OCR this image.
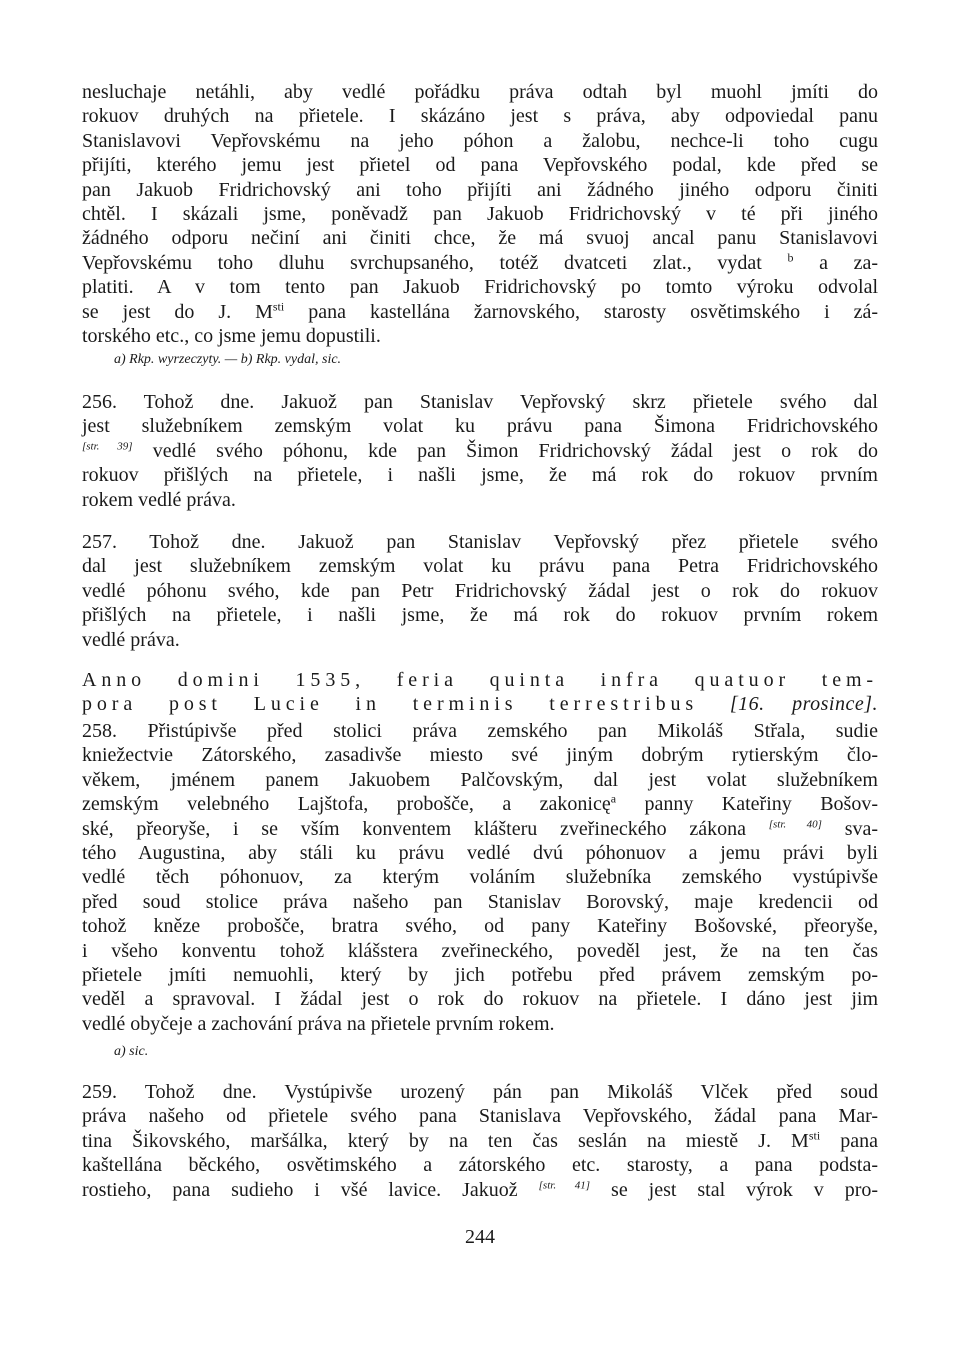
nesluchaje netáhli, aby vedlé pořádku práva odtah byl muohl jmíti do

rokuov druhých na přietele. I skázáno jest s práva, aby odpoviedal panu

Stanislavovi Vepřovskému na jeho póhon a žalobu, nechce-li toho cugu

přijíti, kterého jemu jest přietel od pana Vepřovského podal, kde před se

pan Jakuob Fridrichovský ani toho přijíti ani žádného jiného odporu činiti

chtěl. I skázali jsme, poněvadž pan Jakuob Fridrichovský v té při jiného

žádného odporu nečiní ani činiti chce, že má svuoj ancal panu Stanislavovi

Vepřovskému toho dluhu svrchupsaného, totéž dvatceti zlat., vydat $^b$ a za-

platiti. A v tom tento pan Jakuob Fridrichovský po tomto výroku odvolal

se jest do J. $M^{sti}$ pana kastellána žarnovského, starosty osvětimského i zá-

torského etc., co jsme jemu dopustili.

a) Rkp. wyrzeczyty. — b) Rkp. vydal, sic.

256. Tohož dne. Jakuož pan Stanislav Vepřovský skrz přietele svého dal

jest služebníkem zemským volat ku právu pana Šimona Fridrichovského

[str. 39] vedlé svého póhonu, kde pan Šimon Fridrichovský žádal jest o rok do

rokuov přišlých na přietele, i našli jsme, že má rok do rokuov prvním

rokem vedlé práva.

257. Tohož dne. Jakuož pan Stanislav Vepřovský přez přietele svého

dal jest služebníkem zemským volat ku právu pana Petra Fridrichovského

vedlé póhonu svého, kde pan Petr Fridrichovský žádal jest o rok do rokuov

přišlých na přietele, i našli jsme, že má rok do rokuov prvním rokem

vedlé práva.

Anno domini 1535, feria quinta infra quatuor tem-

pora post Lucie in terminis terrestribus [16. prosince].

258. Přistúpivše před stolici práva zemského pan Mikoláš Střala, sudie

kniežectvie Zátorského, zasadivše miesto své jiným dobrým rytierským člo-

věkem, jménem panem Jakuobem Palčovským, dal jest volat služebníkem

zemským velebného Lajštofa, probošče, a zakonicę$^a$ panny Kateřiny Bošov-

ské, přeoryše, i se vším konventem klášteru zveřineckého zákona [str. 40] sva-

tého Augustina, aby stáli ku právu vedlé dvú póhonuov a jemu právi byli

vedlé těch póhonuov, za kterým voláním služebníka zemského vystúpivše

před soud stolice práva našeho pan Stanislav Borovský, maje kredencii od

tohož kněze probošče, bratra svého, od pany Kateřiny Bošovské, přeoryše,

i všeho konventu tohož klášstera zveřineckého, poveděl jest, že na ten čas

přietele jmíti nemuohli, který by jich potřebu před právem zemským po-

veděl a spravoval. I žádal jest o rok do rokuov na přietele. I dáno jest jim

vedlé obyčeje a zachování práva na přietele prvním rokem.

a) sic.

259. Tohož dne. Vystúpivše urozený pán pan Mikoláš Vlček před soud

práva našeho od přietele svého pana Stanislava Vepřovského, žádal pana Mar-

tina Šikovského, maršálka, který by na ten čas seslán na miestě J. $M^{sti}$ pana

kaštellána běckého, osvětimského a zátorského etc. starosty, a pana podsta-

rostieho, pana sudieho i všé lavice. Jakuož [str. 41] se jest stal výrok v pro-

244
